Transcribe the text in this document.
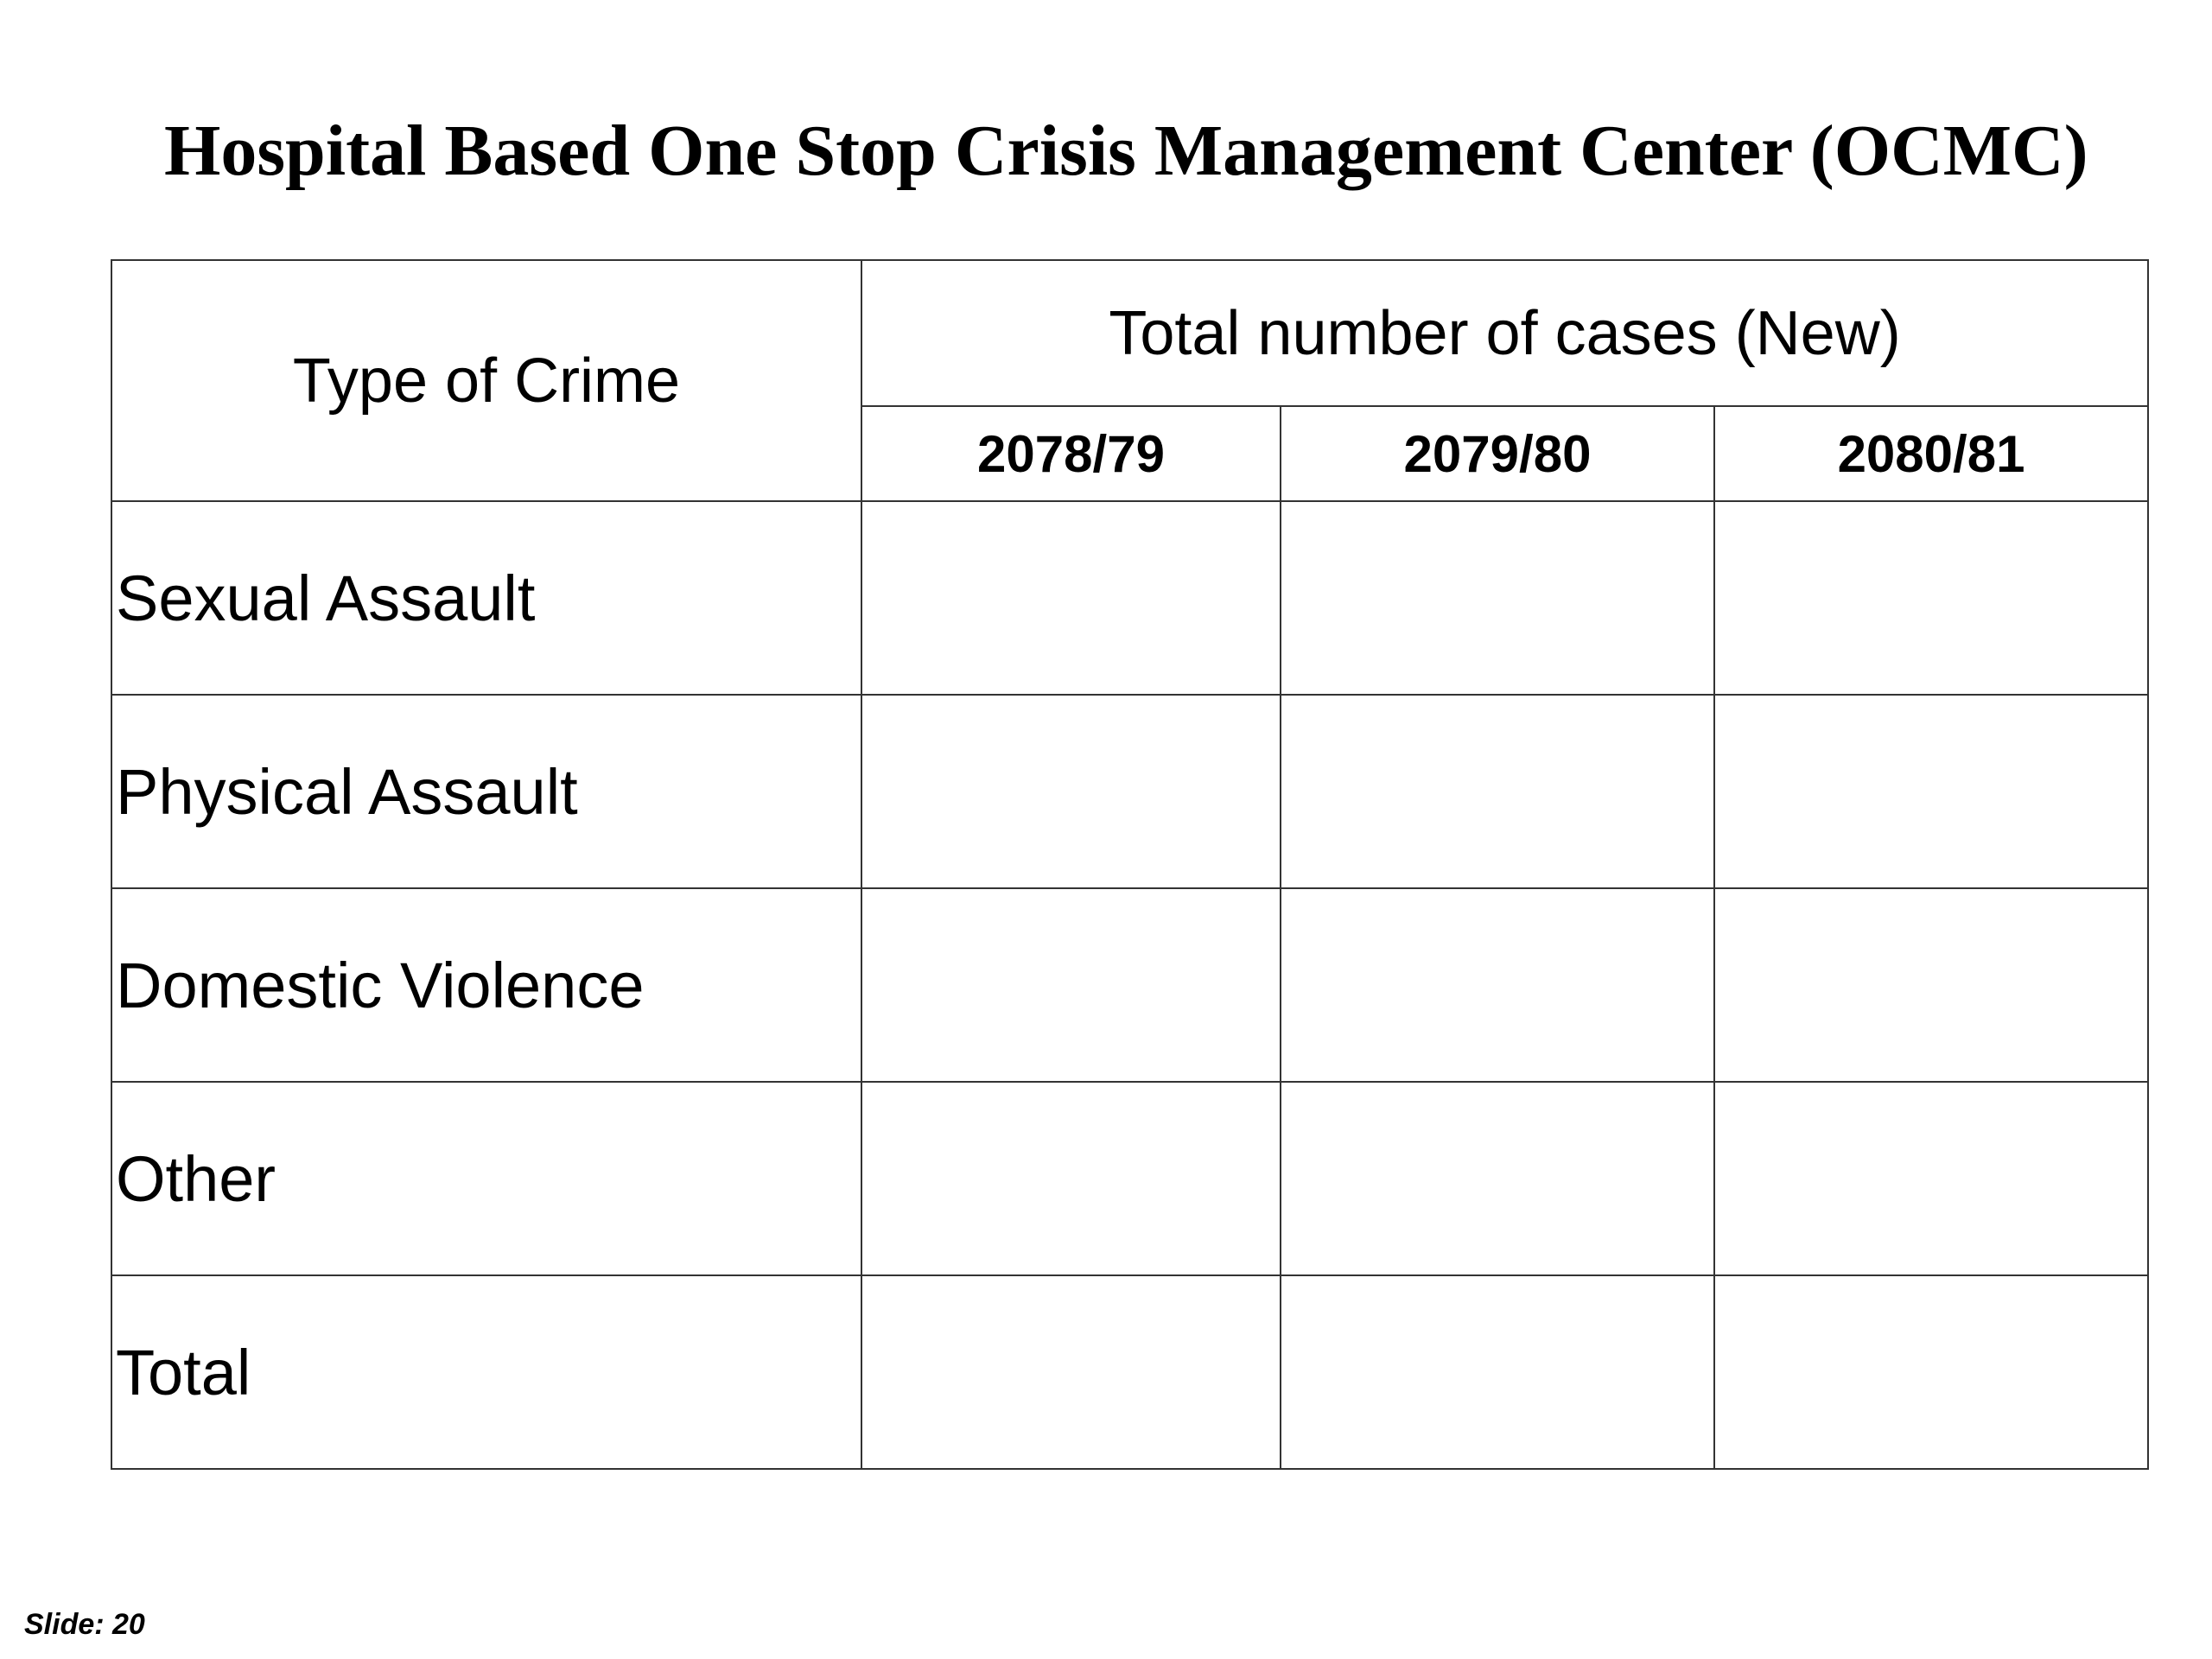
Hospital Based One Stop Crisis Management Center (OCMC)
Type of Crime	Total number of cases (New)		
	2078/79	2079/80	2080/81
Sexual Assault			
Physical Assault			
Domestic Violence			
Other			
Total			
Slide: 20
